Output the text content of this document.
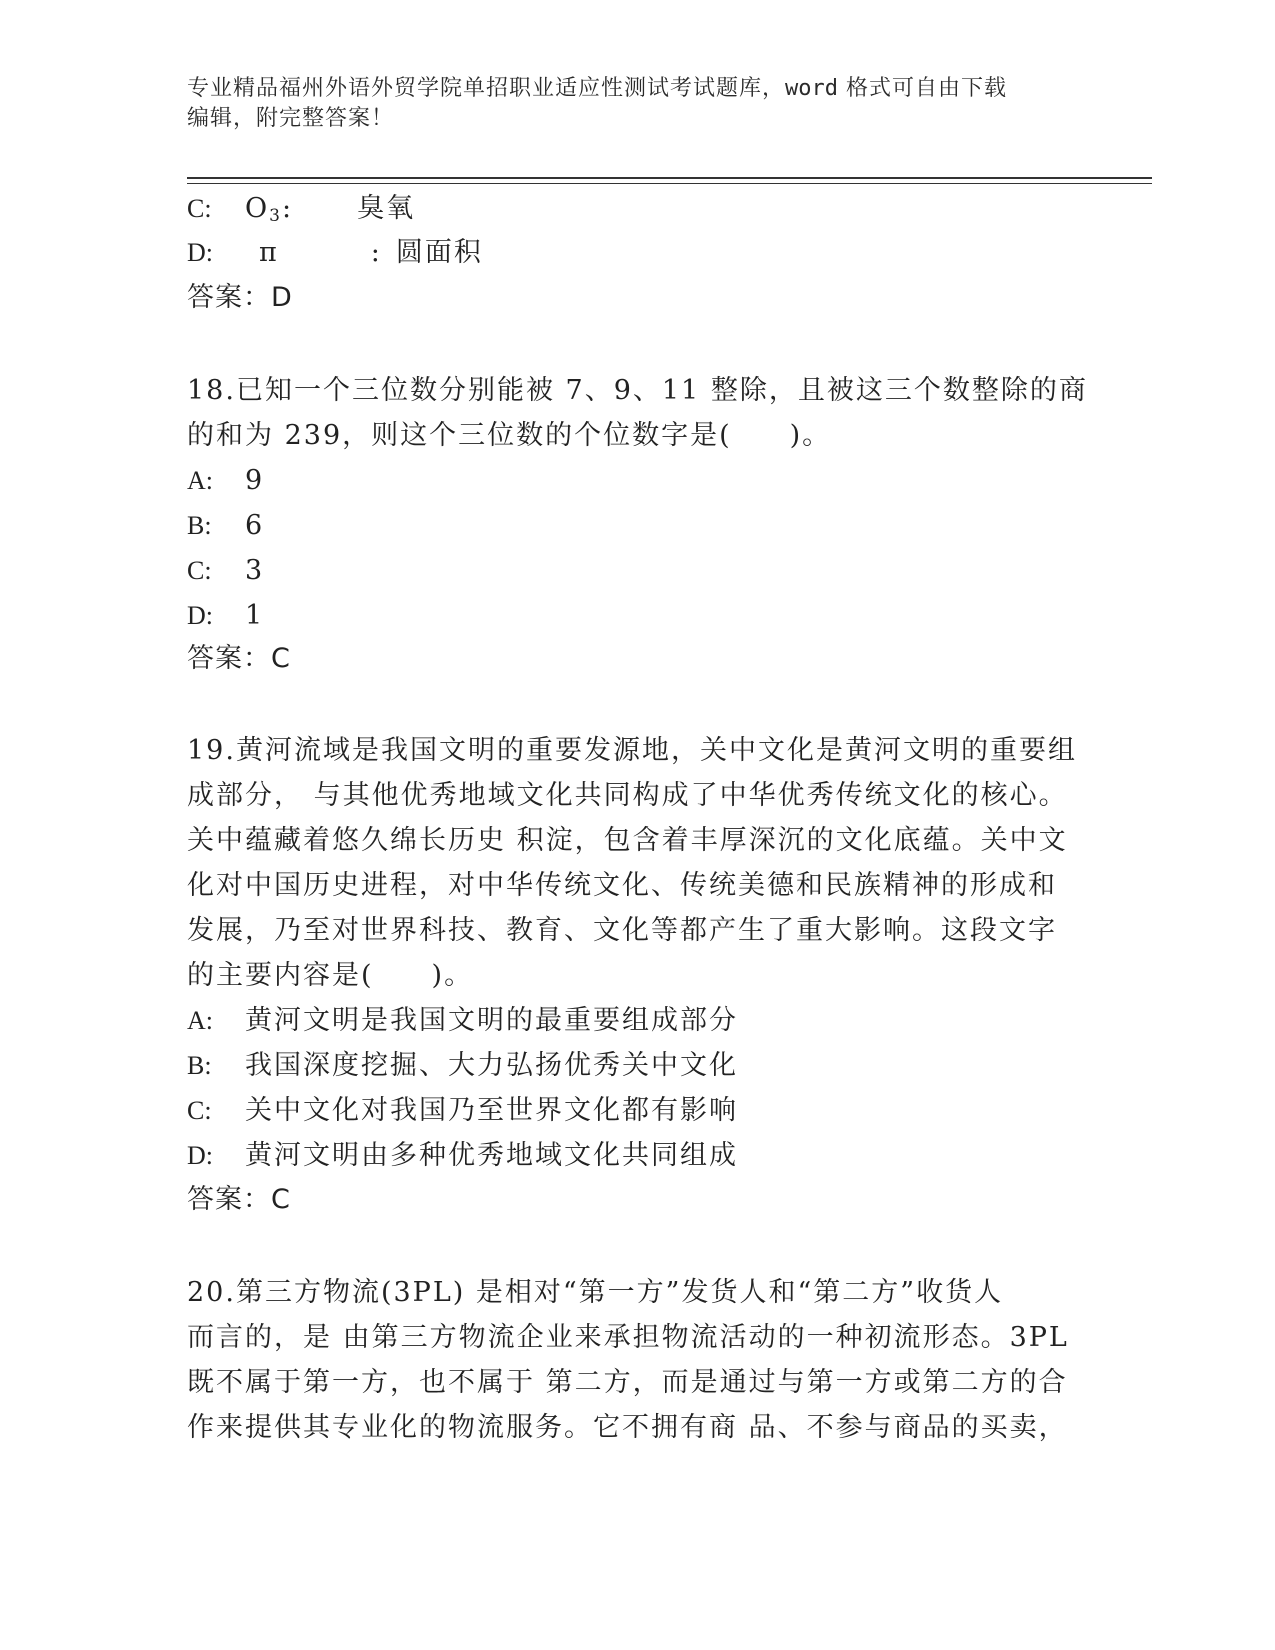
专业精品福州外语外贸学院单招职业适应性测试考试题库，word 格式可自由下载
编辑，附完整答案！
C: $O_3$: 臭氧
D: π	: 圆面积
答案：D
18.已知一个三位数分别能被 7、9、11 整除，且被这三个数整除的商
的和为 239，则这个三位数的个位数字是(　　)。
A: 9
B: 6
C: 3
D: 1
答案：C
19.黄河流域是我国文明的重要发源地，关中文化是黄河文明的重要组
成部分， 与其他优秀地域文化共同构成了中华优秀传统文化的核心。
关中蕴藏着悠久绵长历史 积淀，包含着丰厚深沉的文化底蕴。关中文
化对中国历史进程，对中华传统文化、传统美德和民族精神的形成和
发展，乃至对世界科技、教育、文化等都产生了重大影响。这段文字
的主要内容是(　　)。
A: 黄河文明是我国文明的最重要组成部分
B: 我国深度挖掘、大力弘扬优秀关中文化
C: 关中文化对我国乃至世界文化都有影响
D: 黄河文明由多种优秀地域文化共同组成
答案：C
20.第三方物流(3PL) 是相对“第一方”发货人和“第二方”收货人
而言的，是 由第三方物流企业来承担物流活动的一种初流形态。3PL
既不属于第一方，也不属于 第二方，而是通过与第一方或第二方的合
作来提供其专业化的物流服务。它不拥有商 品、不参与商品的买卖，
